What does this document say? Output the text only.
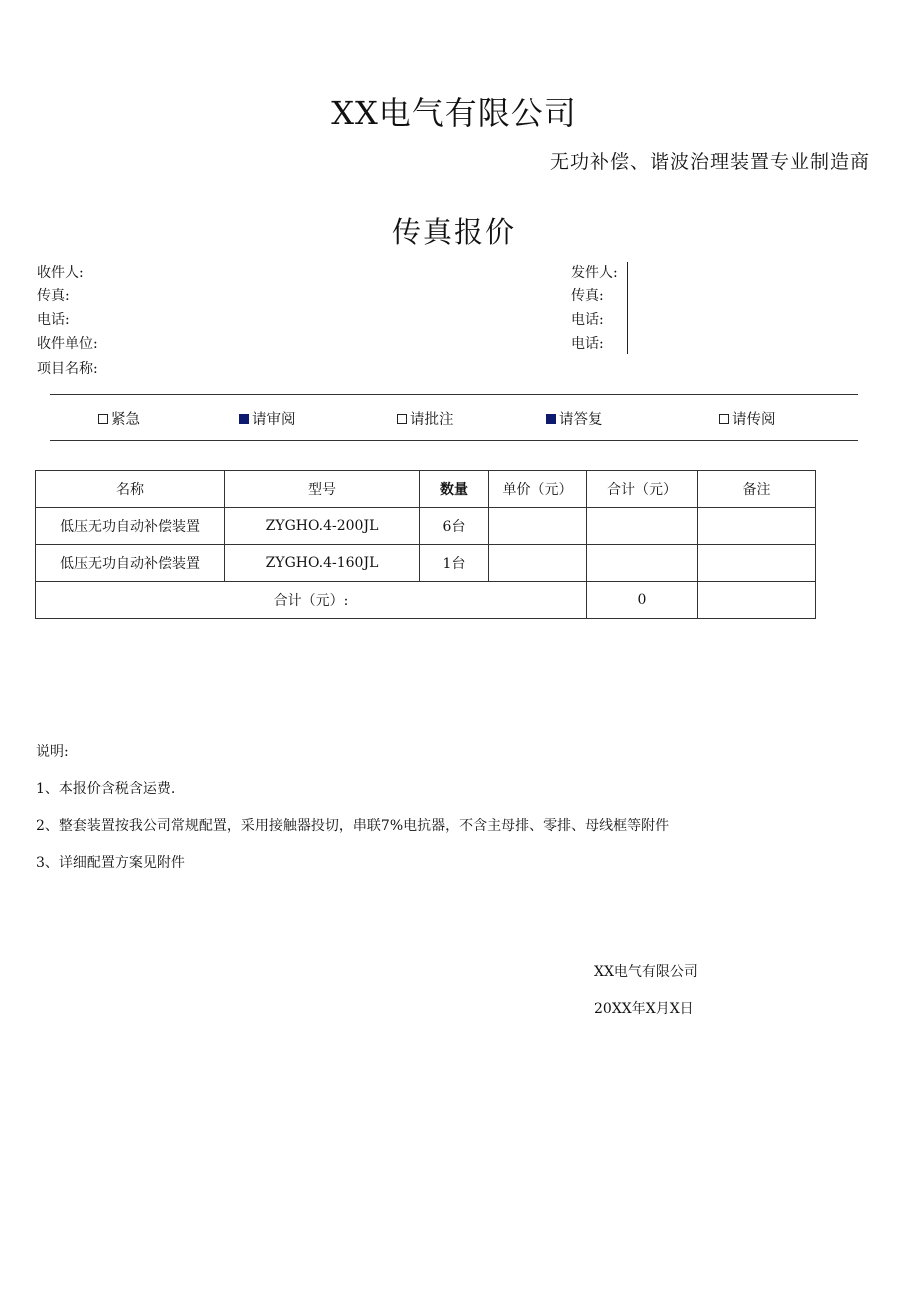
XX电气有限公司
无功补偿、谐波治理装置专业制造商
传真报价
收件人:
传真:
电话:
收件单位:
项目名称:
发件人:
传真:
电话:
电话:
紧急	请审阅	请批注	请答复	请传阅
名称	型号	数量	单价（元）	合计（元）	备注
低压无功自动补偿装置	ZYGHO.4-200JL	6台			
低压无功自动补偿装置	ZYGHO.4-160JL	1台			
合计（元）:				0	
说明:
1、本报价含税含运费.
2、整套装置按我公司常规配置，采用接触器投切，串联7%电抗器，不含主母排、零排、母线框等附件
3、详细配置方案见附件
XX电气有限公司
20XX年X月X日
